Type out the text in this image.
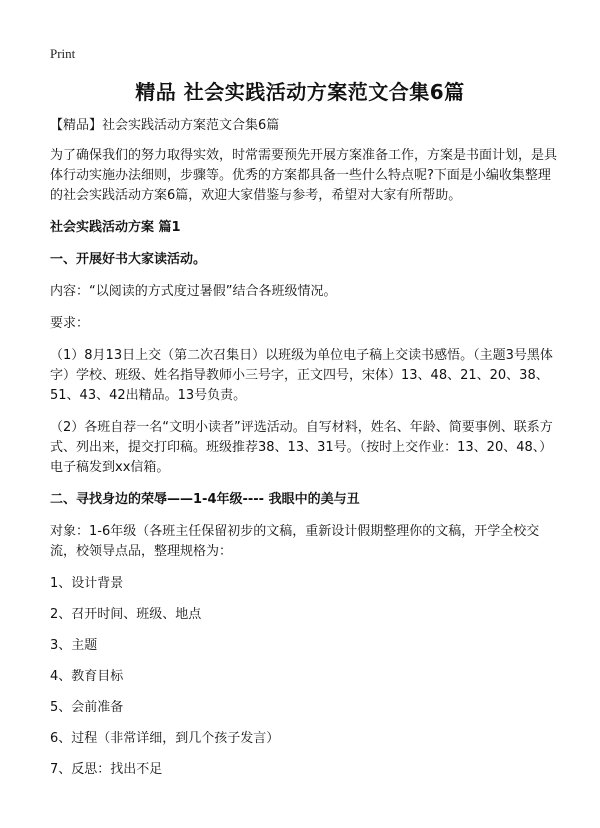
Print
精品 社会实践活动方案范文合集6篇

【精品】社会实践活动方案范文合集6篇

为了确保我们的努力取得实效，时常需要预先开展方案准备工作，方案是书面计划，是具体行动实施办法细则，步骤等。优秀的方案都具备一些什么特点呢?下面是小编收集整理的社会实践活动方案6篇，欢迎大家借鉴与参考，希望对大家有所帮助。

社会实践活动方案 篇1

一、开展好书大家读活动。

内容：“以阅读的方式度过暑假”结合各班级情况。

要求：

（1）8月13日上交（第二次召集日）以班级为单位电子稿上交读书感悟。（主题3号黑体字）学校、班级、姓名指导教师小三号字，正文四号，宋体）13、48、21、20、38、51、43、42出精品。13号负责。

（2）各班自荐一名“文明小读者”评选活动。自写材料，姓名、年龄、简要事例、联系方式、列出来，提交打印稿。班级推荐38、13、31号。（按时上交作业：13、20、48、）电子稿发到xx信箱。

二、寻找身边的荣辱——1-4年级---- 我眼中的美与丑

对象：1-6年级（各班主任保留初步的文稿，重新设计假期整理你的文稿，开学全校交流，校领导点品，整理规格为：

1、设计背景

2、召开时间、班级、地点

3、主题

4、教育目标

5、会前准备

6、过程（非常详细，到几个孩子发言）

7、反思：找出不足
